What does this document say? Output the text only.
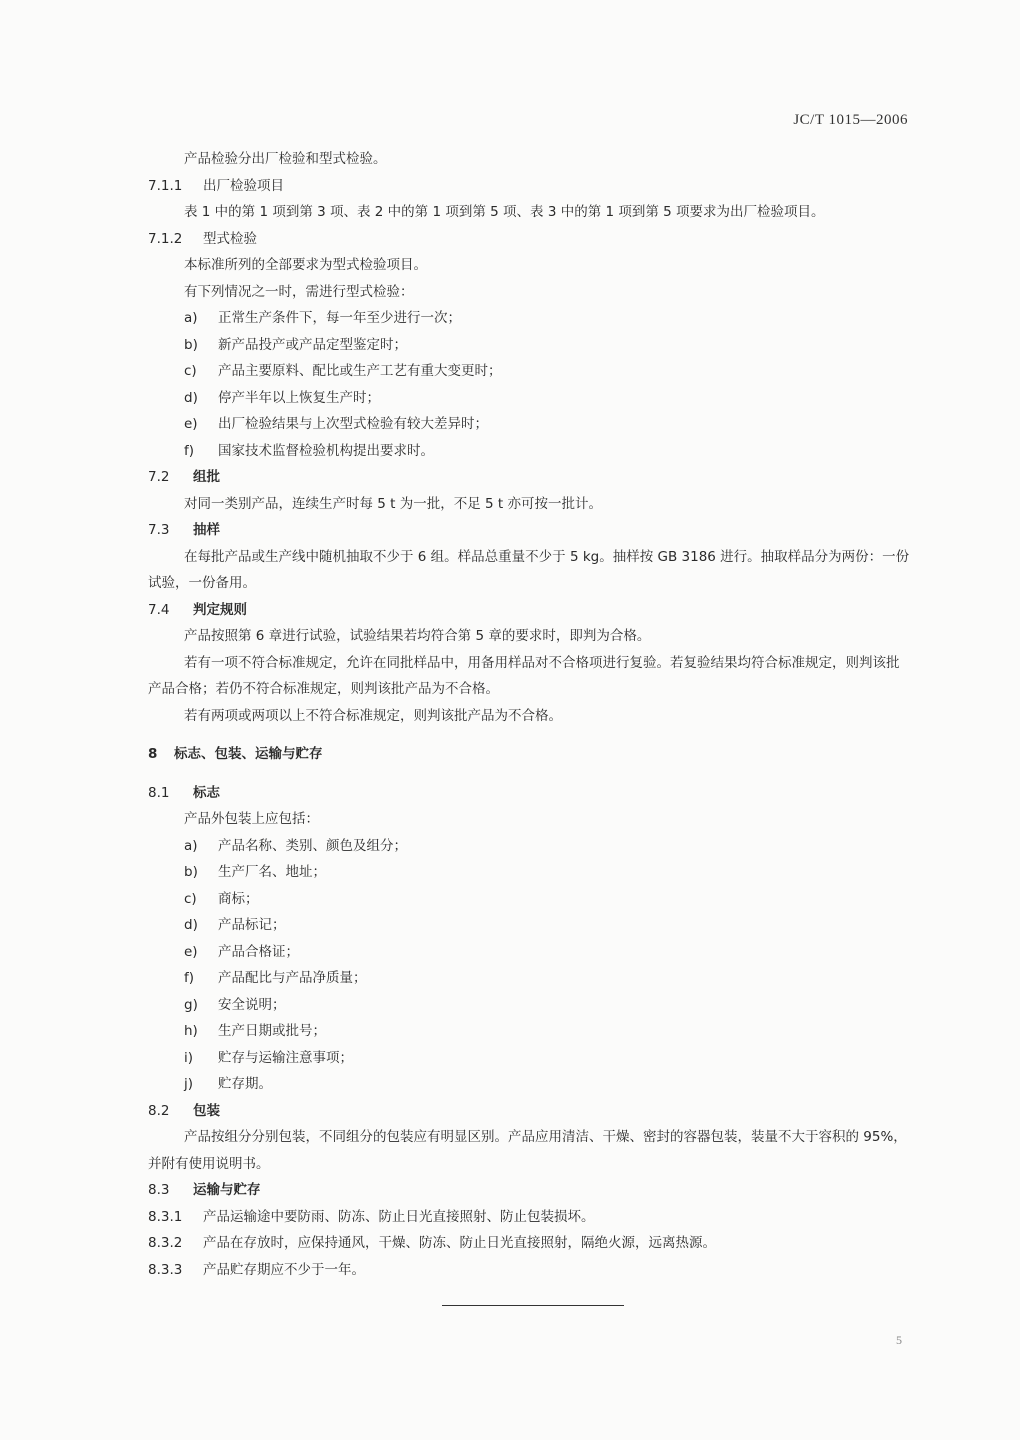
JC/T 1015—2006

产品检验分出厂检验和型式检验。

7.1.1 出厂检验项目

表 1 中的第 1 项到第 3 项、表 2 中的第 1 项到第 5 项、表 3 中的第 1 项到第 5 项要求为出厂检验项目。

7.1.2 型式检验

本标准所列的全部要求为型式检验项目。

有下列情况之一时，需进行型式检验：

a) 正常生产条件下，每一年至少进行一次；

b) 新产品投产或产品定型鉴定时；

c) 产品主要原料、配比或生产工艺有重大变更时；

d) 停产半年以上恢复生产时；

e) 出厂检验结果与上次型式检验有较大差异时；

f) 国家技术监督检验机构提出要求时。

7.2 组批

对同一类别产品，连续生产时每 5 t 为一批，不足 5 t 亦可按一批计。

7.3 抽样

在每批产品或生产线中随机抽取不少于 6 组。样品总重量不少于 5 kg。抽样按 GB 3186 进行。抽取样品分为两份：一份试验，一份备用。

7.4 判定规则

产品按照第 6 章进行试验，试验结果若均符合第 5 章的要求时，即判为合格。

若有一项不符合标准规定，允许在同批样品中，用备用样品对不合格项进行复验。若复验结果均符合标准规定，则判该批产品合格；若仍不符合标准规定，则判该批产品为不合格。

若有两项或两项以上不符合标准规定，则判该批产品为不合格。

8 标志、包装、运输与贮存

8.1 标志

产品外包装上应包括：

a) 产品名称、类别、颜色及组分；

b) 生产厂名、地址；

c) 商标；

d) 产品标记；

e) 产品合格证；

f) 产品配比与产品净质量；

g) 安全说明；

h) 生产日期或批号；

i) 贮存与运输注意事项；

j) 贮存期。

8.2 包装

产品按组分分别包装，不同组分的包装应有明显区别。产品应用清洁、干燥、密封的容器包装，装量不大于容积的 95%，并附有使用说明书。

8.3 运输与贮存

8.3.1 产品运输途中要防雨、防冻、防止日光直接照射、防止包装损坏。

8.3.2 产品在存放时，应保持通风，干燥、防冻、防止日光直接照射，隔绝火源，远离热源。

8.3.3 产品贮存期应不少于一年。

5
